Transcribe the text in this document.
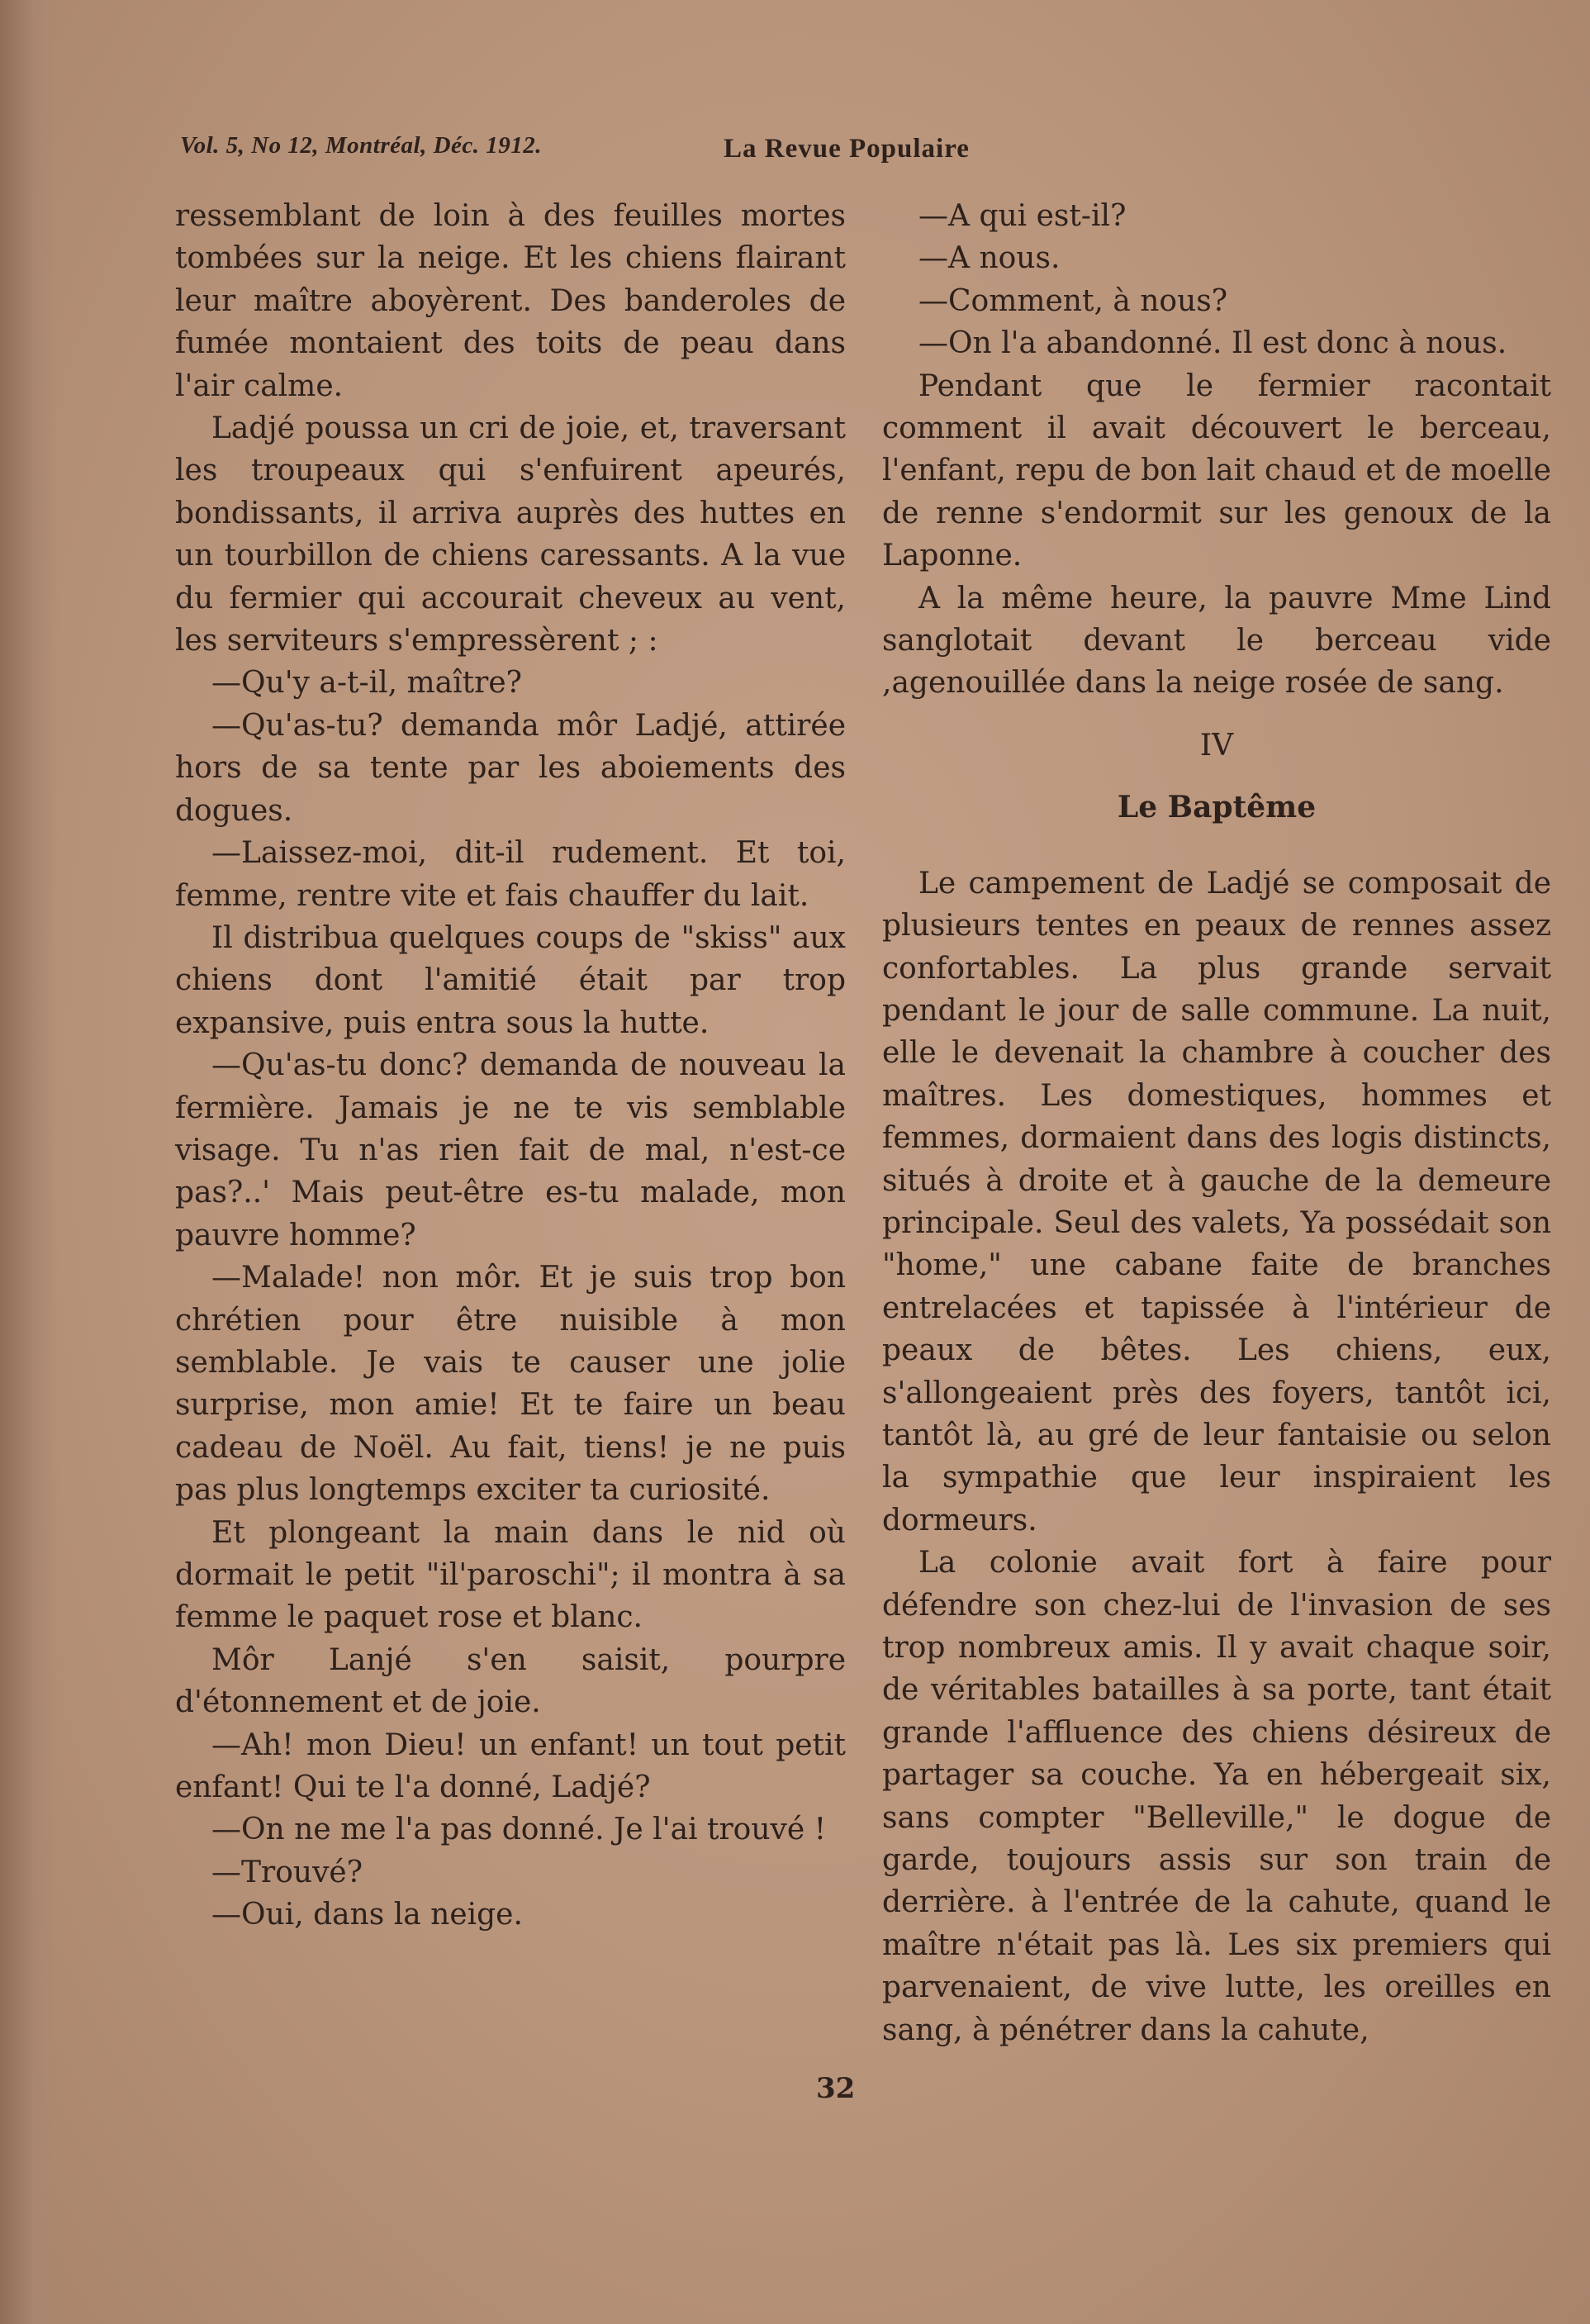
Vol. 5, No 12, Montréal, Déc. 1912.	La Revue Populaire

ressemblant de loin à des feuilles mortes tombées sur la neige. Et les chiens flairant leur maître aboyèrent. Des banderoles de fumée montaient des toits de peau dans l'air calme.

Ladjé poussa un cri de joie, et, traversant les troupeaux qui s'enfuirent apeurés, bondissants, il arriva auprès des huttes en un tourbillon de chiens caressants. A la vue du fermier qui accourait cheveux au vent, les serviteurs s'empressèrent ; :

—Qu'y a-t-il, maître?

—Qu'as-tu? demanda môr Ladjé, attirée hors de sa tente par les aboiements des dogues.

—Laissez-moi, dit-il rudement. Et toi, femme, rentre vite et fais chauffer du lait.

Il distribua quelques coups de "skiss" aux chiens dont l'amitié était par trop expansive, puis entra sous la hutte.

—Qu'as-tu donc? demanda de nouveau la fermière. Jamais je ne te vis semblable visage. Tu n'as rien fait de mal, n'est-ce pas?..' Mais peut-être es-tu malade, mon pauvre homme?

—Malade! non môr. Et je suis trop bon chrétien pour être nuisible à mon semblable. Je vais te causer une jolie surprise, mon amie! Et te faire un beau cadeau de Noël. Au fait, tiens! je ne puis pas plus longtemps exciter ta curiosité.

Et plongeant la main dans le nid où dormait le petit "il'paroschi"; il montra à sa femme le paquet rose et blanc.

Môr Lanjé s'en saisit, pourpre d'étonnement et de joie.

—Ah! mon Dieu! un enfant! un tout petit enfant! Qui te l'a donné, Ladjé?

—On ne me l'a pas donné. Je l'ai trouvé !

—Trouvé?

—Oui, dans la neige.

—A qui est-il?

—A nous.

—Comment, à nous?

—On l'a abandonné. Il est donc à nous.

Pendant que le fermier racontait comment il avait découvert le berceau, l'enfant, repu de bon lait chaud et de moelle de renne s'endormit sur les genoux de la Laponne.

A la même heure, la pauvre Mme Lind sanglotait devant le berceau vide ,agenouillée dans la neige rosée de sang.

IV
Le Baptême

Le campement de Ladjé se composait de plusieurs tentes en peaux de rennes assez confortables. La plus grande servait pendant le jour de salle commune. La nuit, elle le devenait la chambre à coucher des maîtres. Les domestiques, hommes et femmes, dormaient dans des logis distincts, situés à droite et à gauche de la demeure principale. Seul des valets, Ya possédait son "home," une cabane faite de branches entrelacées et tapissée à l'intérieur de peaux de bêtes. Les chiens, eux, s'allongeaient près des foyers, tantôt ici, tantôt là, au gré de leur fantaisie ou selon la sympathie que leur inspiraient les dormeurs.

La colonie avait fort à faire pour défendre son chez-lui de l'invasion de ses trop nombreux amis. Il y avait chaque soir, de véritables batailles à sa porte, tant était grande l'affluence des chiens désireux de partager sa couche. Ya en hébergeait six, sans compter "Belleville," le dogue de garde, toujours assis sur son train de derrière. à l'entrée de la cahute, quand le maître n'était pas là. Les six premiers qui parvenaient, de vive lutte, les oreilles en sang, à pénétrer dans la cahute,

32
